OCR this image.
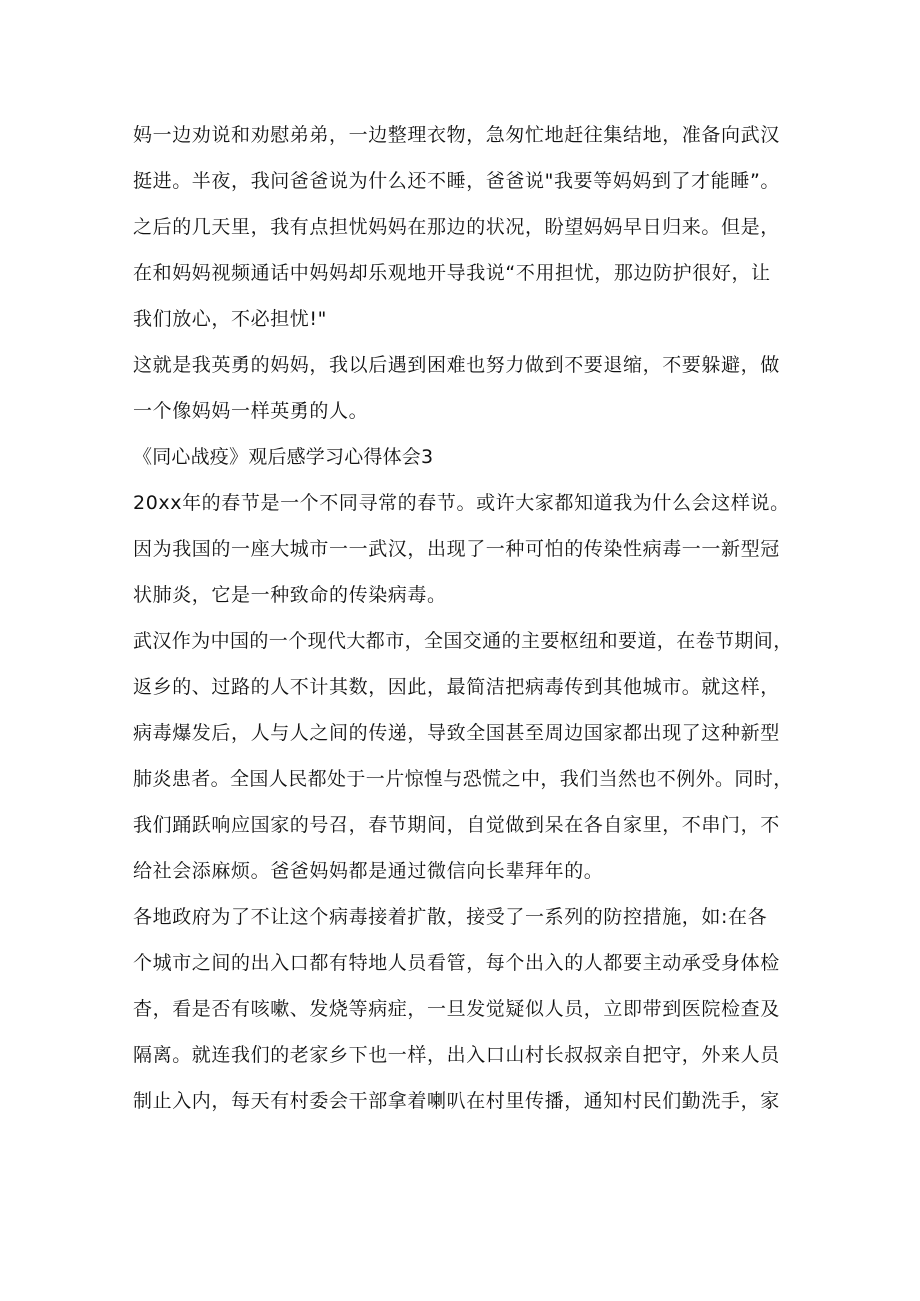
妈一边劝说和劝慰弟弟，一边整理衣物，急匆忙地赶往集结地，准备向武汉
挺进。半夜，我问爸爸说为什么还不睡，爸爸说"我要等妈妈到了才能睡”。
之后的几天里，我有点担忧妈妈在那边的状况，盼望妈妈早日归来。但是，
在和妈妈视频通话中妈妈却乐观地开导我说“不用担忧，那边防护很好，让
我们放心，不必担忧!"
这就是我英勇的妈妈，我以后遇到困难也努力做到不要退缩，不要躲避，做
一个像妈妈一样英勇的人。
《同心战疫》观后感学习心得体会3
20xx年的春节是一个不同寻常的春节。或许大家都知道我为什么会这样说。
因为我国的一座大城市一一武汉，出现了一种可怕的传染性病毒一一新型冠
状肺炎，它是一种致命的传染病毒。
武汉作为中国的一个现代大都市，全国交通的主要枢纽和要道，在卷节期间，
返乡的、过路的人不计其数，因此，最简洁把病毒传到其他城市。就这样，
病毒爆发后，人与人之间的传递，导致全国甚至周边国家都出现了这种新型
肺炎患者。全国人民都处于一片惊惶与恐慌之中，我们当然也不例外。同时，
我们踊跃响应国家的号召，春节期间，自觉做到呆在各自家里，不串门，不
给社会添麻烦。爸爸妈妈都是通过微信向长辈拜年的。
各地政府为了不让这个病毒接着扩散，接受了一系列的防控措施，如:在各
个城市之间的出入口都有特地人员看管，每个出入的人都要主动承受身体检
杳，看是否有咳嗽、发烧等病症，一旦发觉疑似人员，立即带到医院检查及
隔离。就连我们的老家乡下也一样，出入口山村长叔叔亲自把守，外来人员
制止入内，每天有村委会干部拿着喇叭在村里传播，通知村民们勤洗手，家
